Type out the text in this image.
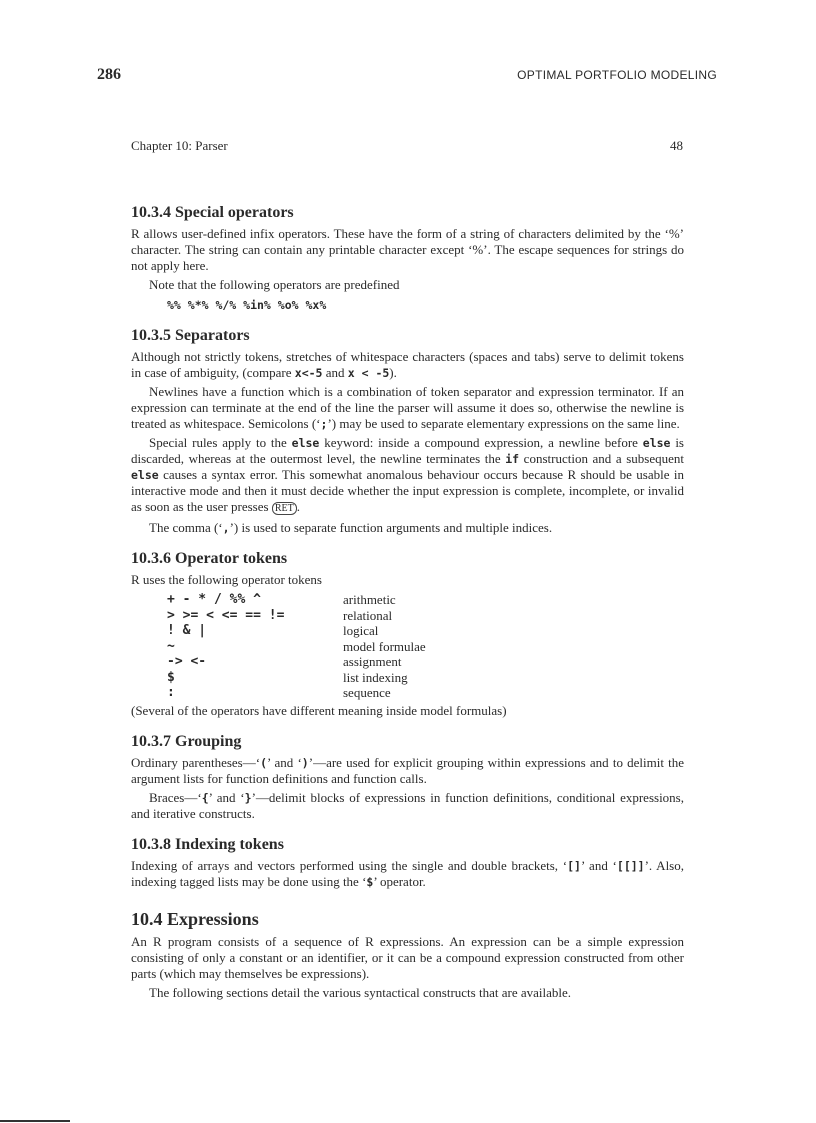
286	OPTIMAL PORTFOLIO MODELING
Chapter 10: Parser	48
10.3.4 Special operators

R allows user-defined infix operators. These have the form of a string of characters delimited by the ‘%’ character. The string can contain any printable character except ‘%’. The escape sequences for strings do not apply here.

Note that the following operators are predefined

%% %*% %/% %in% %o% %x%
10.3.5 Separators

Although not strictly tokens, stretches of whitespace characters (spaces and tabs) serve to delimit tokens in case of ambiguity, (compare x<-5 and x < -5).

Newlines have a function which is a combination of token separator and expression terminator. If an expression can terminate at the end of the line the parser will assume it does so, otherwise the newline is treated as whitespace. Semicolons (‘;’) may be used to separate elementary expressions on the same line.

Special rules apply to the else keyword: inside a compound expression, a newline before else is discarded, whereas at the outermost level, the newline terminates the if construction and a subsequent else causes a syntax error. This somewhat anomalous behaviour occurs because R should be usable in interactive mode and then it must decide whether the input expression is complete, incomplete, or invalid as soon as the user presses RET .

The comma (‘,’) is used to separate function arguments and multiple indices.

10.3.6 Operator tokens

R uses the following operator tokens

+ - * / %% ^	arithmetic
> >= < <= == !=	relational
! & |	logical
~	model formulae
-> <-	assignment
$	list indexing
:	sequence

(Several of the operators have different meaning inside model formulas)

10.3.7 Grouping

Ordinary parentheses—‘(’ and ‘)’—are used for explicit grouping within expressions and to delimit the argument lists for function definitions and function calls.

Braces—‘{’ and ‘}’—delimit blocks of expressions in function definitions, conditional expressions, and iterative constructs.

10.3.8 Indexing tokens

Indexing of arrays and vectors performed using the single and double brackets, ‘[]’ and ‘[[]]’. Also, indexing tagged lists may be done using the ‘$’ operator.

10.4 Expressions

An R program consists of a sequence of R expressions. An expression can be a simple expression consisting of only a constant or an identifier, or it can be a compound expression constructed from other parts (which may themselves be expressions).

The following sections detail the various syntactical constructs that are available.
